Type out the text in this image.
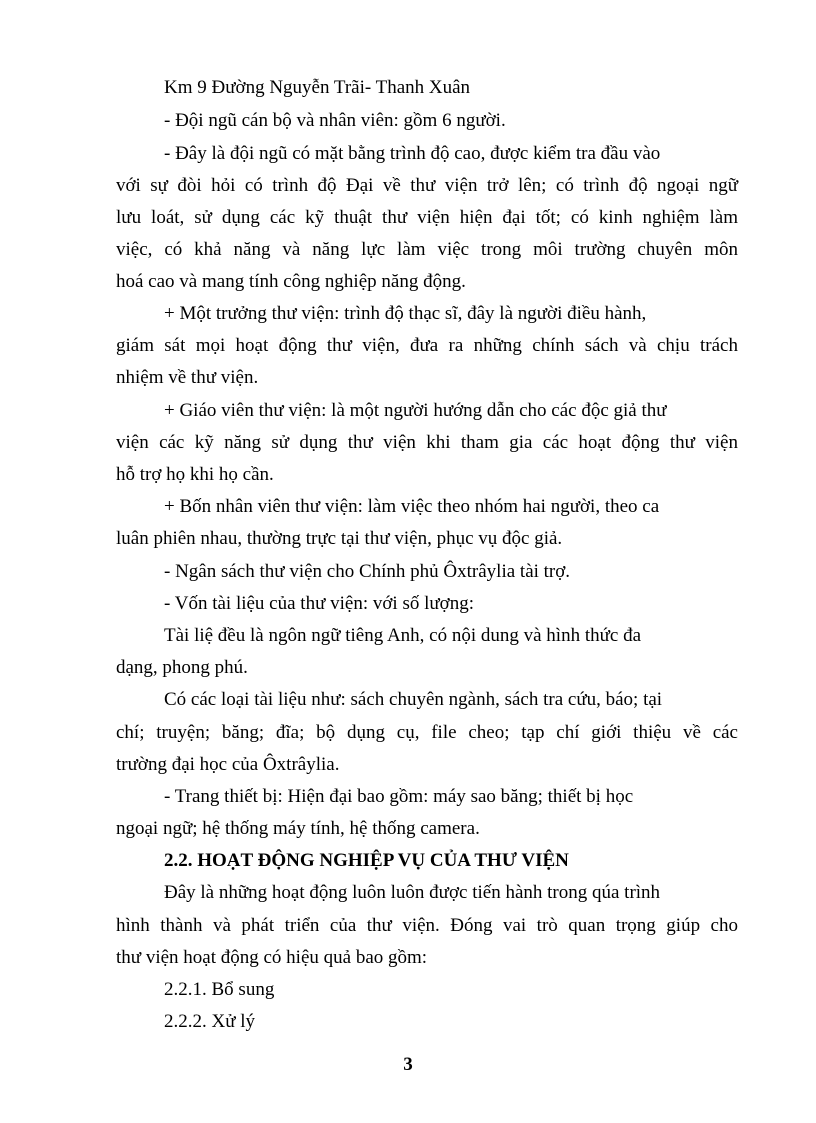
Km 9 Đường Nguyễn Trãi- Thanh Xuân
- Đội ngũ cán bộ và nhân viên: gồm 6 người.
- Đây là đội ngũ có mặt bằng trình độ cao, được kiểm tra đầu vào
với sự đòi hỏi có trình độ Đại về thư viện trở lên; có trình độ ngoại ngữ
lưu loát, sử dụng các kỹ thuật thư viện hiện đại tốt; có kinh nghiệm làm
việc, có khả năng và năng lực làm việc trong môi trường chuyên môn
hoá cao và mang tính công nghiệp năng động.
+ Một trưởng thư viện: trình độ thạc sĩ, đây là người điều hành,
giám sát mọi hoạt động thư viện, đưa ra những chính sách và chịu trách
nhiệm về thư viện.
+ Giáo viên thư viện: là một người hướng dẫn cho các độc giả thư
viện các kỹ năng sử dụng thư viện khi tham gia các hoạt động thư viện
hỗ trợ họ khi họ cần.
+ Bốn nhân viên thư viện: làm việc theo nhóm hai người, theo ca
luân phiên nhau, thường trực tại thư viện, phục vụ độc giả.
- Ngân sách thư viện cho Chính phủ Ôxtrâylia tài trợ.
- Vốn tài liệu của thư viện: với số lượng:
Tài liệ đều là ngôn ngữ tiêng Anh, có nội dung và hình thức đa
dạng, phong phú.
Có các loại tài liệu như: sách chuyên ngành, sách tra cứu, báo; tại
chí; truyện; băng; đĩa; bộ dụng cụ, file cheo; tạp chí giới thiệu về các
trường đại học của Ôxtrâylia.
- Trang thiết bị: Hiện đại bao gồm: máy sao băng; thiết bị học
ngoại ngữ; hệ thống máy tính, hệ thống camera.
2.2. HOẠT ĐỘNG NGHIỆP VỤ CỦA THƯ VIỆN
Đây là những hoạt động luôn luôn được tiến hành trong qúa trình
hình thành và phát triển của thư viện. Đóng vai trò quan trọng giúp cho
thư viện hoạt động có hiệu quả bao gồm:
2.2.1. Bổ sung
2.2.2. Xử lý
3
